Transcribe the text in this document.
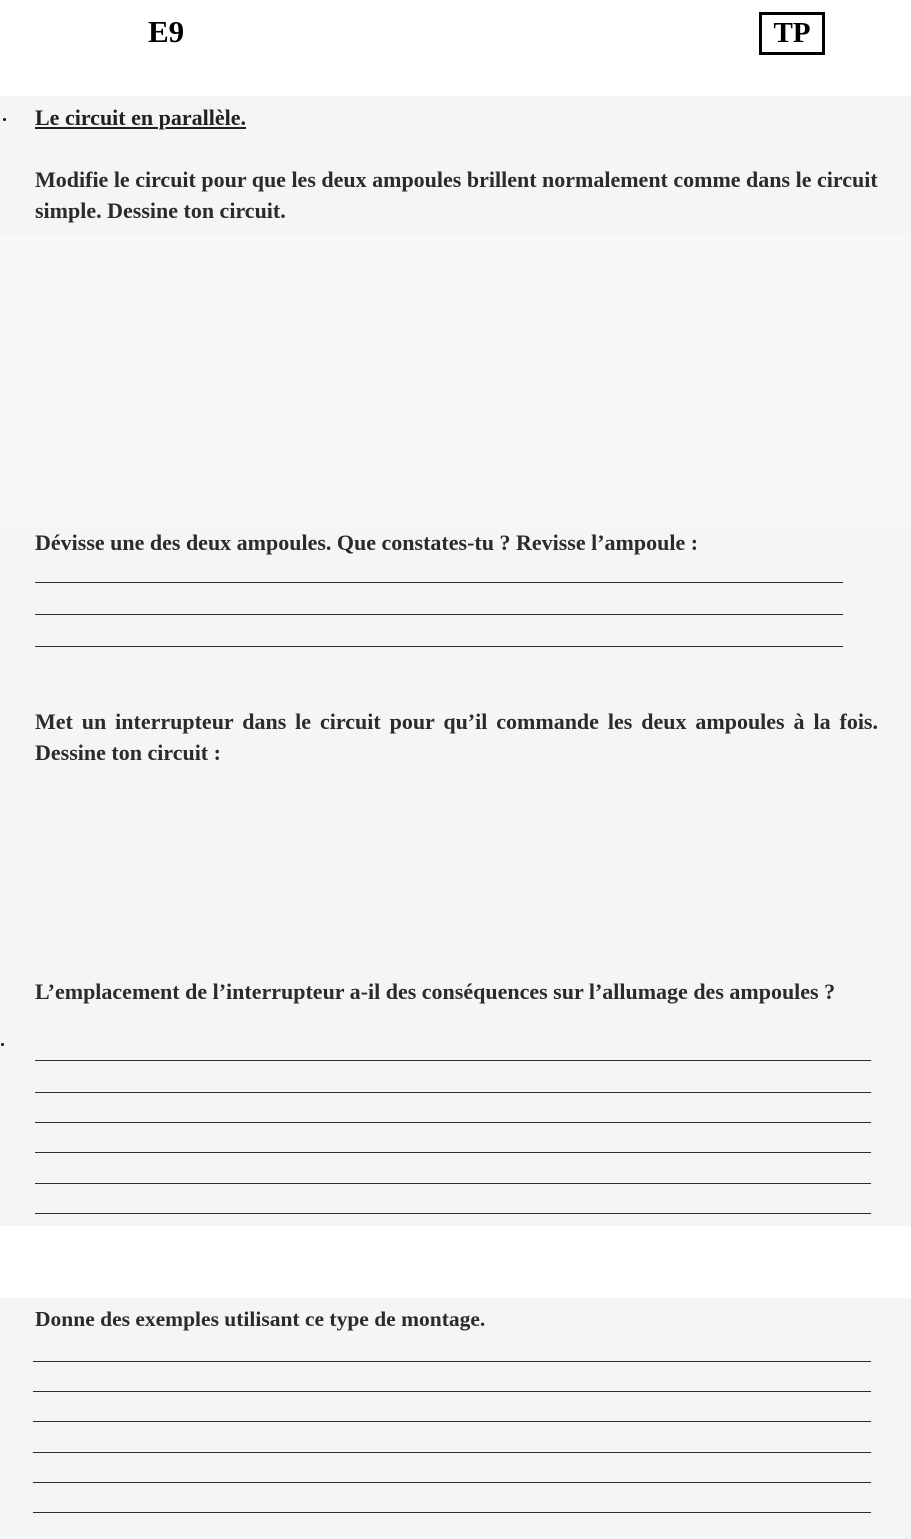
E9	TP
Le circuit en parallèle.
Modifie le circuit pour que les deux ampoules brillent normalement comme dans le circuit simple. Dessine ton circuit.
Dévisse une des deux ampoules. Que constates-tu ? Revisse l’ampoule :
Met un interrupteur dans le circuit pour qu’il commande les deux ampoules à la fois. Dessine ton circuit :
L’emplacement de l’interrupteur a-il des conséquences sur l’allumage des ampoules ?
Donne des exemples utilisant ce type de montage.
